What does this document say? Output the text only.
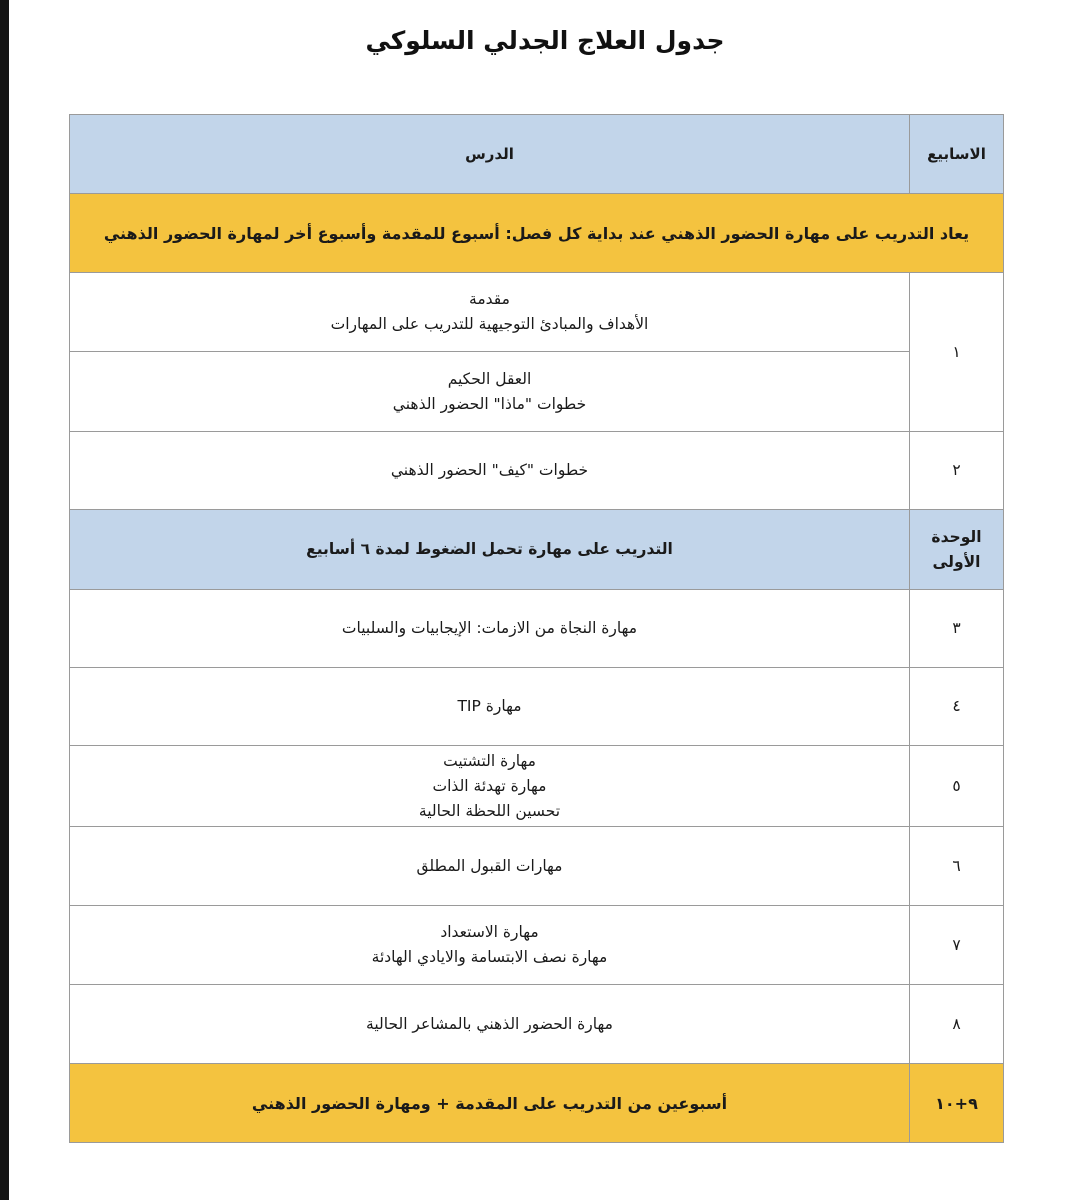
جدول العلاج الجدلي السلوكي
الاسابيع	الدرس
يعاد التدريب على مهارة الحضور الذهني عند بداية كل فصل: أسبوع للمقدمة وأسبوع أخر لمهارة الحضور الذهني	
١	مقدمة
الأهداف والمبادئ التوجيهية للتدريب على المهارات

	العقل الحكيم
خطوات "ماذا" الحضور الذهني

٢	خطوات "كيف" الحضور الذهني

الوحدة
الأولى	التدريب على مهارة تحمل الضغوط لمدة ٦ أسابيع
٣	مهارة النجاة من الازمات: الإيجابيات والسلبيات
٤	مهارة TIP
٥	مهارة التشتيت
مهارة تهدئة الذات
تحسين اللحظة الحالية

٦	مهارات القبول المطلق
٧	مهارة الاستعداد
مهارة نصف الابتسامة والايادي الهادئة

٨	مهارة الحضور الذهني بالمشاعر الحالية
٩+١٠	أسبوعين من التدريب على المقدمة + ومهارة الحضور الذهني
